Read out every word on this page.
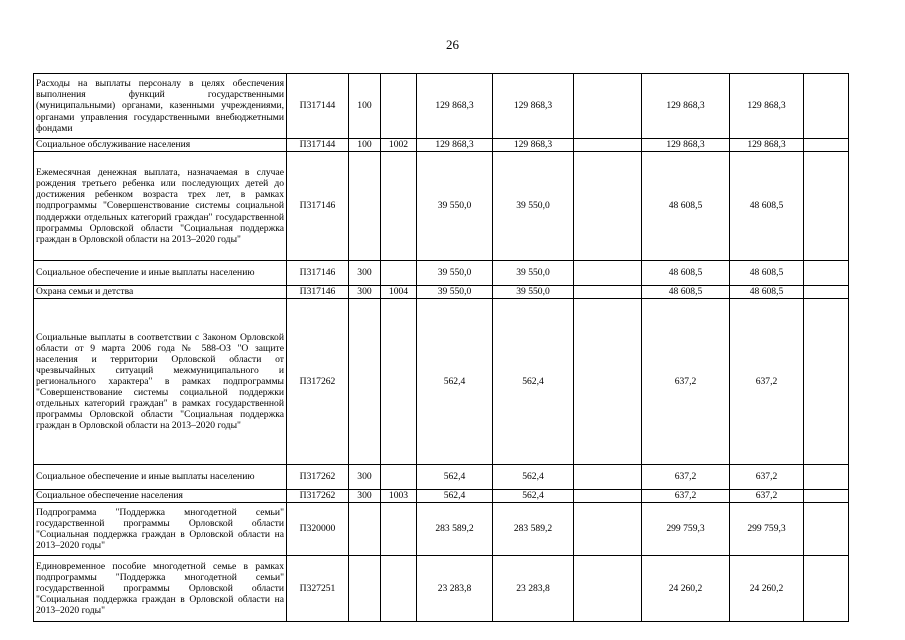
26
Расходы на выплаты персоналу в целях обеспечения выполнения функций государственными (муниципальными) органами, казенными учреждениями, органами управления государственными внебюджетными фондами	П317144	100		129 868,3	129 868,3		129 868,3	129 868,3	
Социальное обслуживание населения	П317144	100	1002	129 868,3	129 868,3		129 868,3	129 868,3	
Ежемесячная денежная выплата, назначаемая в случае рождения третьего ребенка или последующих детей до достижения ребенком возраста трех лет, в рамках подпрограммы "Совершенствование системы социальной поддержки отдельных категорий граждан" государственной программы Орловской области "Социальная поддержка граждан в Орловской области на 2013–2020 годы"	П317146			39 550,0	39 550,0		48 608,5	48 608,5	
Социальное обеспечение и иные выплаты населению	П317146	300		39 550,0	39 550,0		48 608,5	48 608,5	
Охрана семьи и детства	П317146	300	1004	39 550,0	39 550,0		48 608,5	48 608,5	
Социальные выплаты в соответствии с Законом Орловской области от 9 марта 2006 года № 588-ОЗ "О защите населения и территории Орловской области от чрезвычайных ситуаций межмуниципального и регионального характера" в рамках подпрограммы "Совершенствование системы социальной поддержки отдельных категорий граждан" в рамках государственной программы Орловской области "Социальная поддержка граждан в Орловской области на 2013–2020 годы"	П317262			562,4	562,4		637,2	637,2	
Социальное обеспечение и иные выплаты населению	П317262	300		562,4	562,4		637,2	637,2	
Социальное обеспечение населения	П317262	300	1003	562,4	562,4		637,2	637,2	
Подпрограмма "Поддержка многодетной семьи" государственной программы Орловской области "Социальная поддержка граждан в Орловской области на 2013–2020 годы"	П320000			283 589,2	283 589,2		299 759,3	299 759,3	
Единовременное пособие многодетной семье в рамках подпрограммы "Поддержка многодетной семьи" государственной программы Орловской области "Социальная поддержка граждан в Орловской области на 2013–2020 годы"	П327251			23 283,8	23 283,8		24 260,2	24 260,2	
